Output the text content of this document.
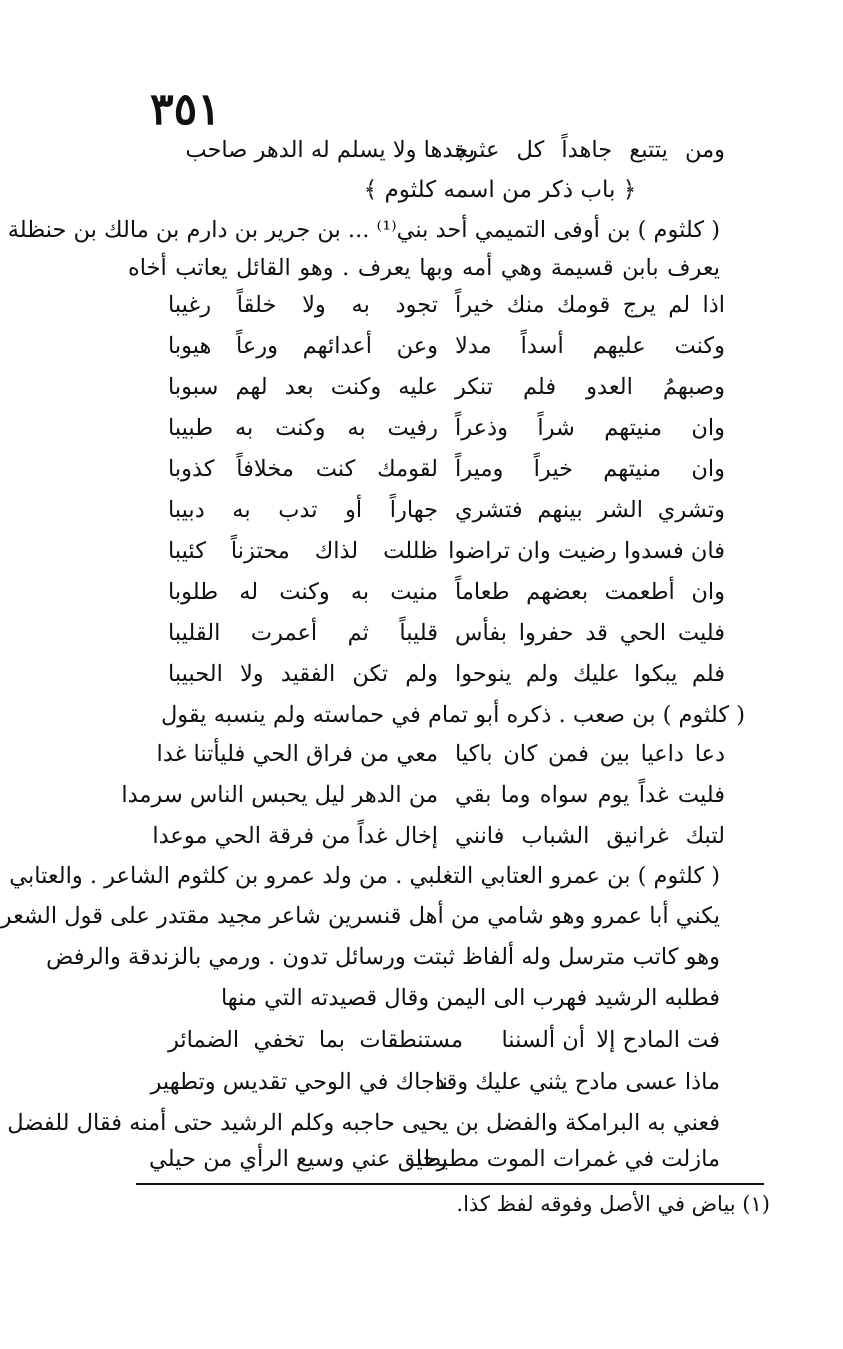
٣٥١
ومن يتتبع جاهداً كل عثرة
يجدها ولا يسلم له الدهر صاحب
﴿ باب ذكر من اسمه كلثوم ﴾
( كلثوم ) بن أوفى التميمي أحد بني⁽¹⁾ ... بن جرير بن دارم بن مالك بن حنظلة
يعرف بابن قسيمة وهي أمه وبها يعرف . وهو القائل يعاتب أخاه
اذا لم يرج قومك منك خيراً
تجود به ولا خلقاً رغيبا
وكنت عليهم أسداً مدلا
وعن أعدائهم ورعاً هيوبا
وصبهمُ العدو فلم تنكر
عليه وكنت بعد لهم سبوبا
وان منيتهم شراً وذعراً
رفيت به وكنت به طبيبا
وان منيتهم خيراً وميراً
لقومك كنت مخلافاً كذوبا
وتشري الشر بينهم فتشري
جهاراً أو تدب به دبيبا
فان فسدوا رضيت وان تراضوا
ظللت لذاك محتزناً كئيبا
وان أطعمت بعضهم طعاماً
منيت به وكنت له طلوبا
فليت الحي قد حفروا بفأس
قليباً ثم أعمرت القليبا
فلم يبكوا عليك ولم ينوحوا
ولم تكن الفقيد ولا الحبيبا
( كلثوم ) بن صعب . ذكره أبو تمام في حماسته ولم ينسبه يقول
دعا داعيا بين فمن كان باكيا
معي من فراق الحي فليأتنا غدا
فليت غداً يوم سواه وما بقي
من الدهر ليل يحبس الناس سرمدا
لتبك غرانيق الشباب فانني
إخال غداً من فرقة الحي موعدا
( كلثوم ) بن عمرو العتابي التغلبي . من ولد عمرو بن كلثوم الشاعر . والعتابي
يكني أبا عمرو وهو شامي من أهل قنسرين شاعر مجيد مقتدر على قول الشعر
وهو كاتب مترسل وله ألفاظ ثبتت ورسائل تدون . ورمي بالزندقة والرفض
فطلبه الرشيد فهرب الى اليمن وقال قصيدته التي منها
فت المادح إلا
أن ألسننا
مستنطقات بما تخفي الضمائر
ماذا عسى مادح يثني عليك وقد
ناجاك في الوحي تقديس وتطهير
فعني به البرامكة والفضل بن يحيى حاجبه وكلم الرشيد حتى أمنه فقال للفضل
مازلت في غمرات الموت مطرحا
يطيق عني وسيع الرأي من حيلي
(١) بياض في الأصل وفوقه لفظ كذا.
